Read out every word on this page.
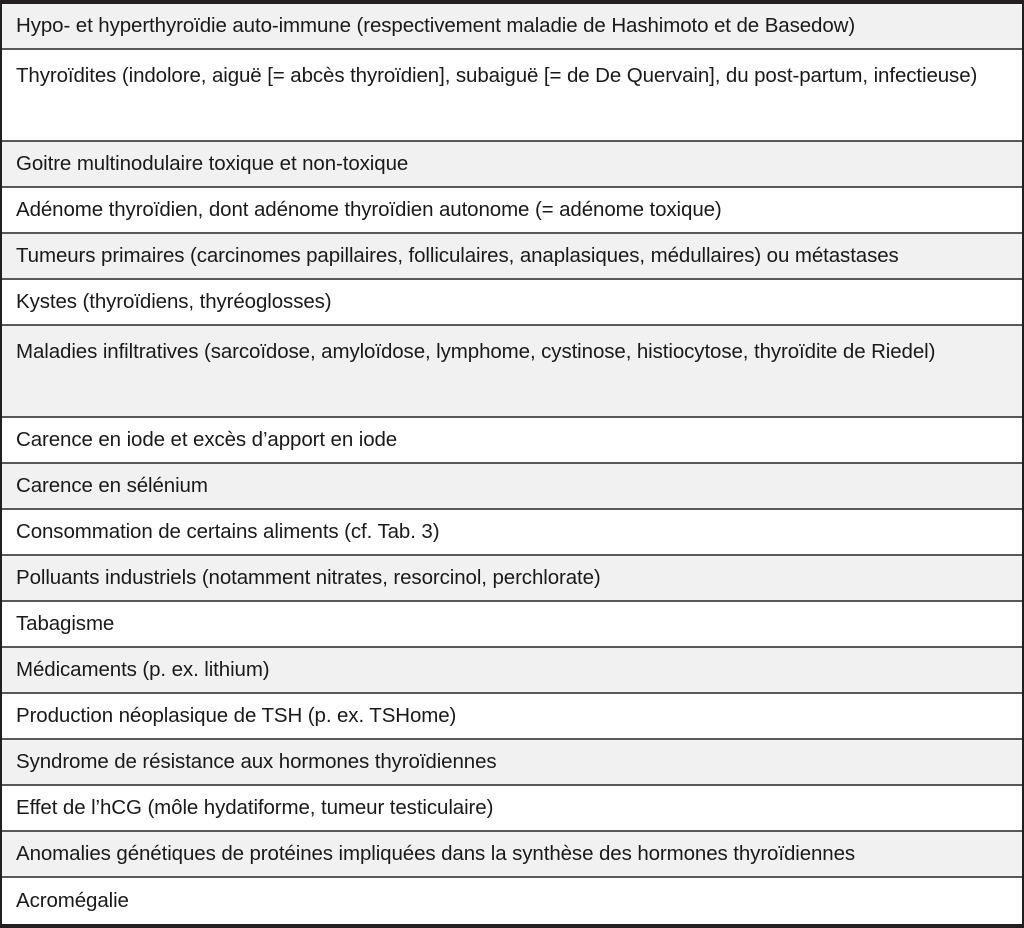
Hypo- et hyperthyroïdie auto-immune (respectivement maladie de Hashimoto et de Basedow)
Thyroïdites (indolore, aiguë [= abcès thyroïdien], subaiguë [= de De Quervain], du post-partum, infectieuse)
Goitre multinodulaire toxique et non-toxique
Adénome thyroïdien, dont adénome thyroïdien autonome (= adénome toxique)
Tumeurs primaires (carcinomes papillaires, folliculaires, anaplasiques, médullaires) ou métastases
Kystes (thyroïdiens, thyréoglosses)
Maladies infiltratives (sarcoïdose, amyloïdose, lymphome, cystinose, histiocytose, thyroïdite de Riedel)
Carence en iode et excès d’apport en iode
Carence en sélénium
Consommation de certains aliments (cf. Tab. 3)
Polluants industriels (notamment nitrates, resorcinol, perchlorate)
Tabagisme
Médicaments (p. ex. lithium)
Production néoplasique de TSH (p. ex. TSHome)
Syndrome de résistance aux hormones thyroïdiennes
Effet de l’hCG (môle hydatiforme, tumeur testiculaire)
Anomalies génétiques de protéines impliquées dans la synthèse des hormones thyroïdiennes
Acromégalie
